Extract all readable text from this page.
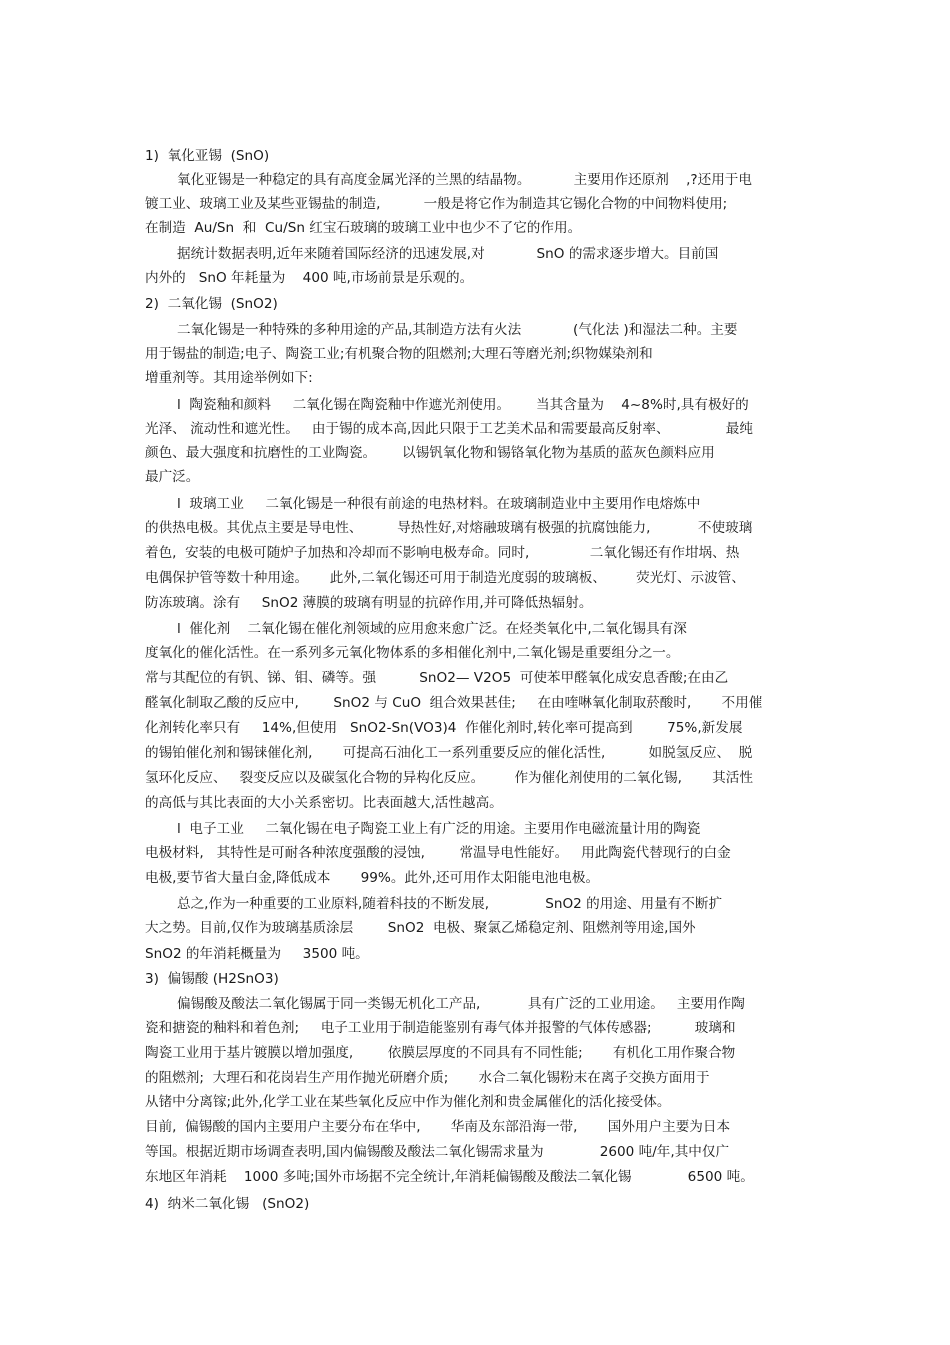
1)  氧化亚锡  (SnO)

氧化亚锡是一种稳定的具有高度金属光泽的兰黑的结晶物。          主要用作还原剂    ,?还用于电

镀工业、玻璃工业及某些亚锡盐的制造,          一般是将它作为制造其它锡化合物的中间物料使用;

在制造  Au/Sn  和  Cu/Sn 红宝石玻璃的玻璃工业中也少不了它的作用。

据统计数据表明,近年来随着国际经济的迅速发展,对            SnO 的需求逐步增大。目前国

内外的   SnO 年耗量为    400 吨,市场前景是乐观的。

2)  二氧化锡  (SnO2)

二氧化锡是一种特殊的多种用途的产品,其制造方法有火法            (气化法 )和湿法二种。主要

用于锡盐的制造;电子、陶瓷工业;有机聚合物的阻燃剂;大理石等磨光剂;织物媒染剂和

增重剂等。其用途举例如下:

l  陶瓷釉和颜料     二氧化锡在陶瓷釉中作遮光剂使用。      当其含量为    4~8%时,具有极好的

光泽、 流动性和遮光性。   由于锡的成本高,因此只限于工艺美术品和需要最高反射率、             最纯

颜色、最大强度和抗磨性的工业陶瓷。      以锡钒氧化物和锡铬氧化物为基质的蓝灰色颜料应用

最广泛。

l  玻璃工业     二氧化锡是一种很有前途的电热材料。在玻璃制造业中主要用作电熔炼中

的供热电极。其优点主要是导电性、        导热性好,对熔融玻璃有极强的抗腐蚀能力,           不使玻璃

着色,  安装的电极可随炉子加热和冷却而不影响电极寿命。同时,              二氧化锡还有作坩埚、热

电偶保护管等数十种用途。     此外,二氧化锡还可用于制造光度弱的玻璃板、       荧光灯、示波管、

防冻玻璃。涂有     SnO2 薄膜的玻璃有明显的抗碎作用,并可降低热辐射。

l  催化剂    二氧化锡在催化剂领域的应用愈来愈广泛。在烃类氧化中,二氧化锡具有深

度氧化的催化活性。在一系列多元氧化物体系的多相催化剂中,二氧化锡是重要组分之一。

常与其配位的有钒、锑、钼、磷等。强          SnO2— V2O5  可使苯甲醛氧化成安息香酸;在由乙

醛氧化制取乙酸的反应中,        SnO2 与 CuO  组合效果甚佳;     在由喹啉氧化制取菸酸时,       不用催

化剂转化率只有     14%,但使用   SnO2-Sn(VO3)4  作催化剂时,转化率可提高到        75%,新发展

的锡铂催化剂和锡铼催化剂,       可提高石油化工一系列重要反应的催化活性,          如脱氢反应、  脱

氢环化反应、   裂变反应以及碳氢化合物的异构化反应。       作为催化剂使用的二氧化锡,       其活性

的高低与其比表面的大小关系密切。比表面越大,活性越高。

l  电子工业     二氧化锡在电子陶瓷工业上有广泛的用途。主要用作电磁流量计用的陶瓷

电极材料,   其特性是可耐各种浓度强酸的浸蚀,        常温导电性能好。   用此陶瓷代替现行的白金

电极,要节省大量白金,降低成本       99%。此外,还可用作太阳能电池电极。

总之,作为一种重要的工业原料,随着科技的不断发展,             SnO2 的用途、用量有不断扩

大之势。目前,仅作为玻璃基质涂层        SnO2  电极、聚氯乙烯稳定剂、阻燃剂等用途,国外

SnO2 的年消耗概量为     3500 吨。

3)  偏锡酸 (H2SnO3)

偏锡酸及酸法二氧化锡属于同一类锡无机化工产品,           具有广泛的工业用途。   主要用作陶

瓷和搪瓷的釉料和着色剂;     电子工业用于制造能鉴别有毒气体并报警的气体传感器;          玻璃和

陶瓷工业用于基片镀膜以增加强度,        依膜层厚度的不同具有不同性能;       有机化工用作聚合物

的阻燃剂;  大理石和花岗岩生产用作抛光研磨介质;       水合二氧化锡粉末在离子交换方面用于

从锗中分离镓;此外,化学工业在某些氧化反应中作为催化剂和贵金属催化的活化接受体。

目前,  偏锡酸的国内主要用户主要分布在华中,       华南及东部沿海一带,       国外用户主要为日本

等国。根据近期市场调查表明,国内偏锡酸及酸法二氧化锡需求量为             2600 吨/年,其中仅广

东地区年消耗    1000 多吨;国外市场据不完全统计,年消耗偏锡酸及酸法二氧化锡             6500 吨。

4)  纳米二氧化锡   (SnO2)
